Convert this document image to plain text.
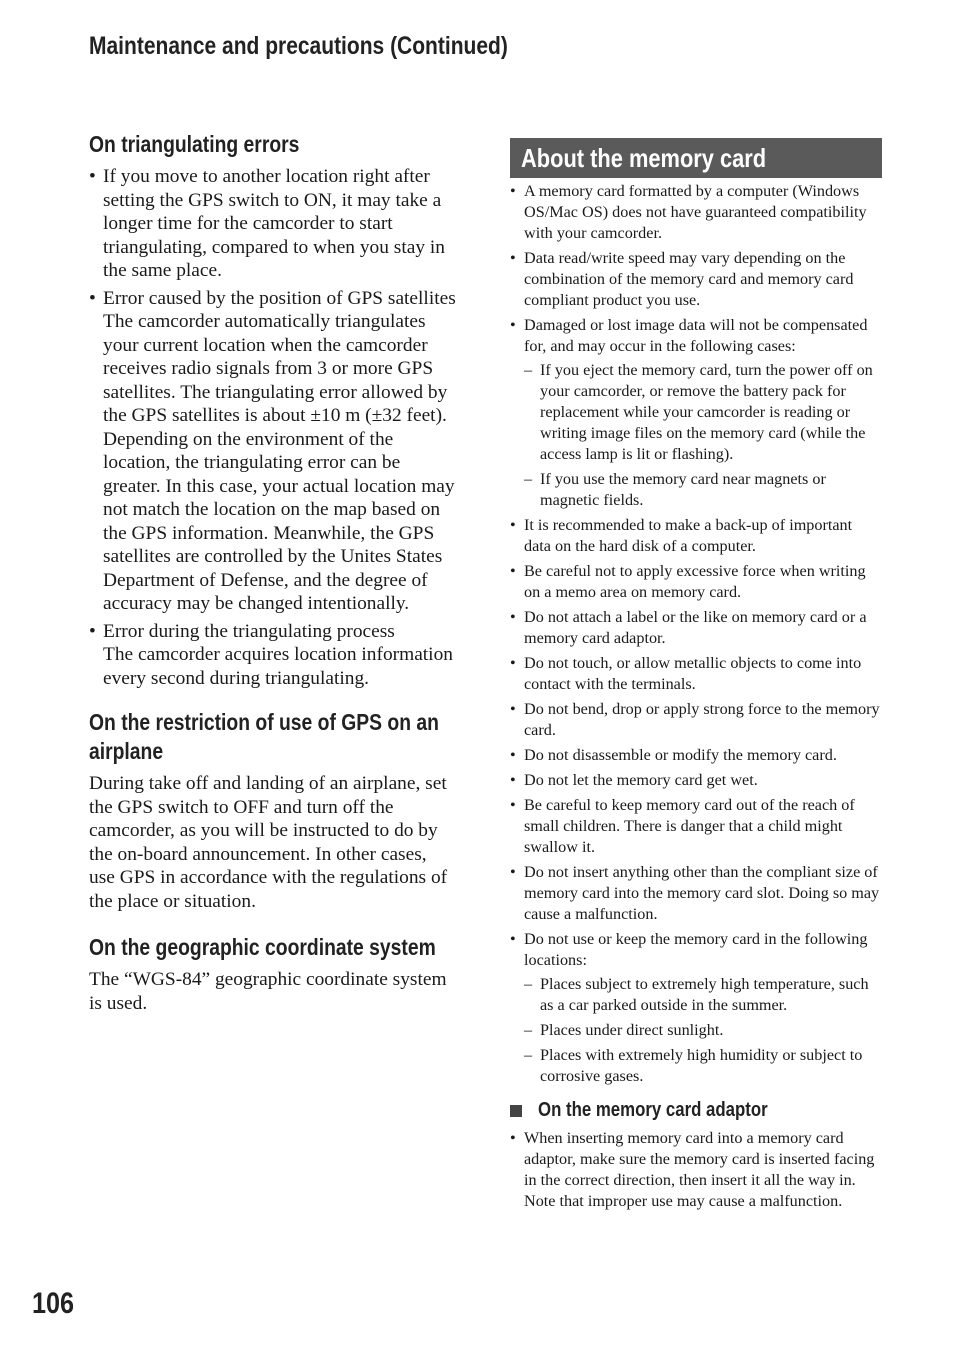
Maintenance and precautions (Continued)
On triangulating errors
• If you move to another location right after setting the GPS switch to ON, it may take a longer time for the camcorder to start triangulating, compared to when you stay in the same place.
• Error caused by the position of GPS satellites
The camcorder automatically triangulates your current location when the camcorder receives radio signals from 3 or more GPS satellites. The triangulating error allowed by the GPS satellites is about ±10 m (±32 feet). Depending on the environment of the location, the triangulating error can be greater. In this case, your actual location may not match the location on the map based on the GPS information. Meanwhile, the GPS satellites are controlled by the Unites States Department of Defense, and the degree of accuracy may be changed intentionally.
• Error during the triangulating process
The camcorder acquires location information every second during triangulating.
On the restriction of use of GPS on an airplane

During take off and landing of an airplane, set the GPS switch to OFF and turn off the camcorder, as you will be instructed to do by the on-board announcement. In other cases, use GPS in accordance with the regulations of the place or situation.

On the geographic coordinate system

The “WGS-84” geographic coordinate system is used.

About the memory card
• A memory card formatted by a computer (Windows OS/Mac OS) does not have guaranteed compatibility with your camcorder.
• Data read/write speed may vary depending on the combination of the memory card and memory card compliant product you use.
• Damaged or lost image data will not be compensated for, and may occur in the following cases:
– If you eject the memory card, turn the power off on your camcorder, or remove the battery pack for replacement while your camcorder is reading or writing image files on the memory card (while the access lamp is lit or flashing).
– If you use the memory card near magnets or magnetic fields.
• It is recommended to make a back-up of important data on the hard disk of a computer.
• Be careful not to apply excessive force when writing on a memo area on memory card.
• Do not attach a label or the like on memory card or a memory card adaptor.
• Do not touch, or allow metallic objects to come into contact with the terminals.
• Do not bend, drop or apply strong force to the memory card.
• Do not disassemble or modify the memory card.
• Do not let the memory card get wet.
• Be careful to keep memory card out of the reach of small children. There is danger that a child might swallow it.
• Do not insert anything other than the compliant size of memory card into the memory card slot. Doing so may cause a malfunction.
• Do not use or keep the memory card in the following locations:
– Places subject to extremely high temperature, such as a car parked outside in the summer.
– Places under direct sunlight.
– Places with extremely high humidity or subject to corrosive gases.
On the memory card adaptor
• When inserting memory card into a memory card adaptor, make sure the memory card is inserted facing in the correct direction, then insert it all the way in. Note that improper use may cause a malfunction.
106
